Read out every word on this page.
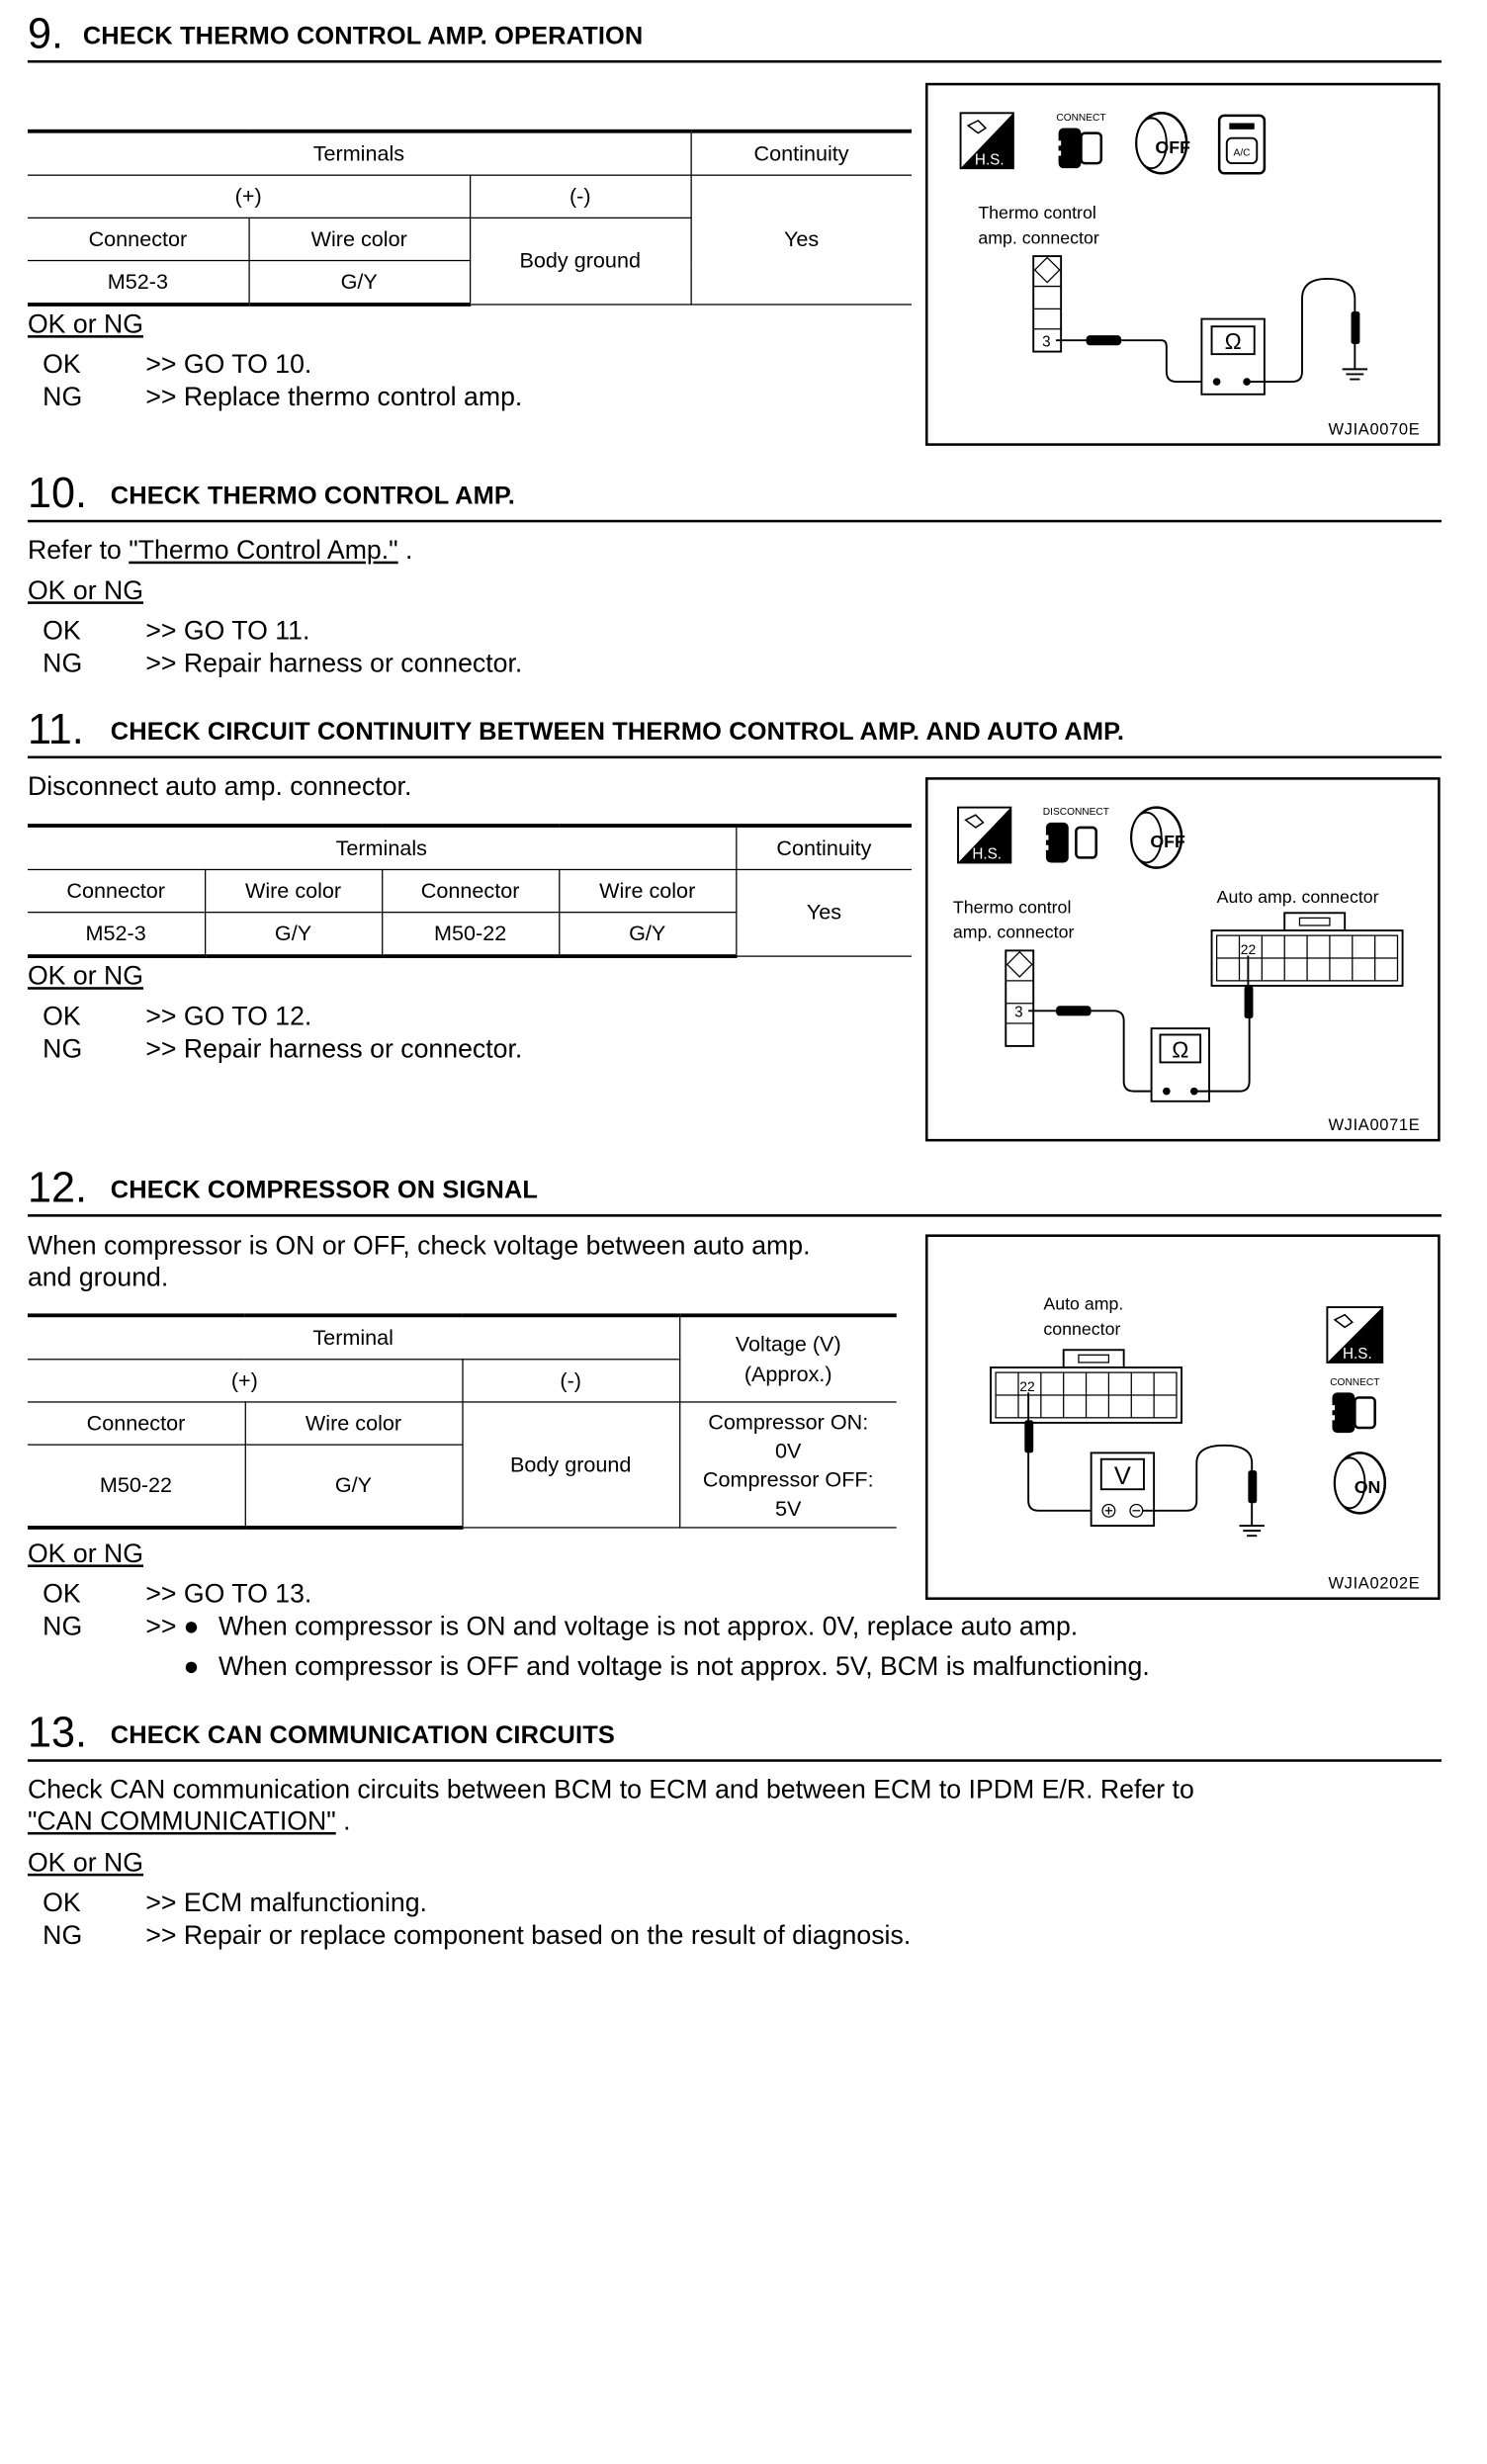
9. CHECK THERMO CONTROL AMP. OPERATION
Terminals			Continuity
(+)		(-)	Yes
Connector	Wire color	Body ground	
M52-3	G/Y		
OK or NG
OK	>> GO TO 10.
NG	>> Replace thermo control amp.
H.S.
CONNECT
OFF	A/C
Thermo control
amp. connector
3	Ω
WJIA0070E
10. CHECK THERMO CONTROL AMP.
Refer to "Thermo Control Amp." .
OK or NG
OK	>> GO TO 11.
NG	>> Repair harness or connector.
11. CHECK CIRCUIT CONTINUITY BETWEEN THERMO CONTROL AMP. AND AUTO AMP.
Disconnect auto amp. connector.
Terminals				Continuity
Connector	Wire color	Connector	Wire color	Yes
M52-3	G/Y	M50-22	G/Y	
OK or NG
OK	>> GO TO 12.
NG	>> Repair harness or connector.
H.S.
DISCONNECT
OFF
Auto amp. connector
Thermo control
amp. connector
22
3
Ω
WJIA0071E
12. CHECK COMPRESSOR ON SIGNAL
When compressor is ON or OFF, check voltage between auto amp.
and ground.
Terminal			Voltage (V)
(Approx.)

(+)		(-)	
Connector	Wire color	Body ground	Compressor ON:
0V
Compressor OFF:
5V

M50-22	G/Y		
OK or NG
OK	>> GO TO 13.
NG	>> ● When compressor is ON and voltage is not approx. 0V, replace auto amp.
● When compressor is OFF and voltage is not approx. 5V, BCM is malfunctioning.
Auto amp.
connector
22
V
H.S.
CONNECT
ON
WJIA0202E
13. CHECK CAN COMMUNICATION CIRCUITS
Check CAN communication circuits between BCM to ECM and between ECM to IPDM E/R. Refer to
"CAN COMMUNICATION" .
OK or NG
OK	>> ECM malfunctioning.
NG	>> Repair or replace component based on the result of diagnosis.
